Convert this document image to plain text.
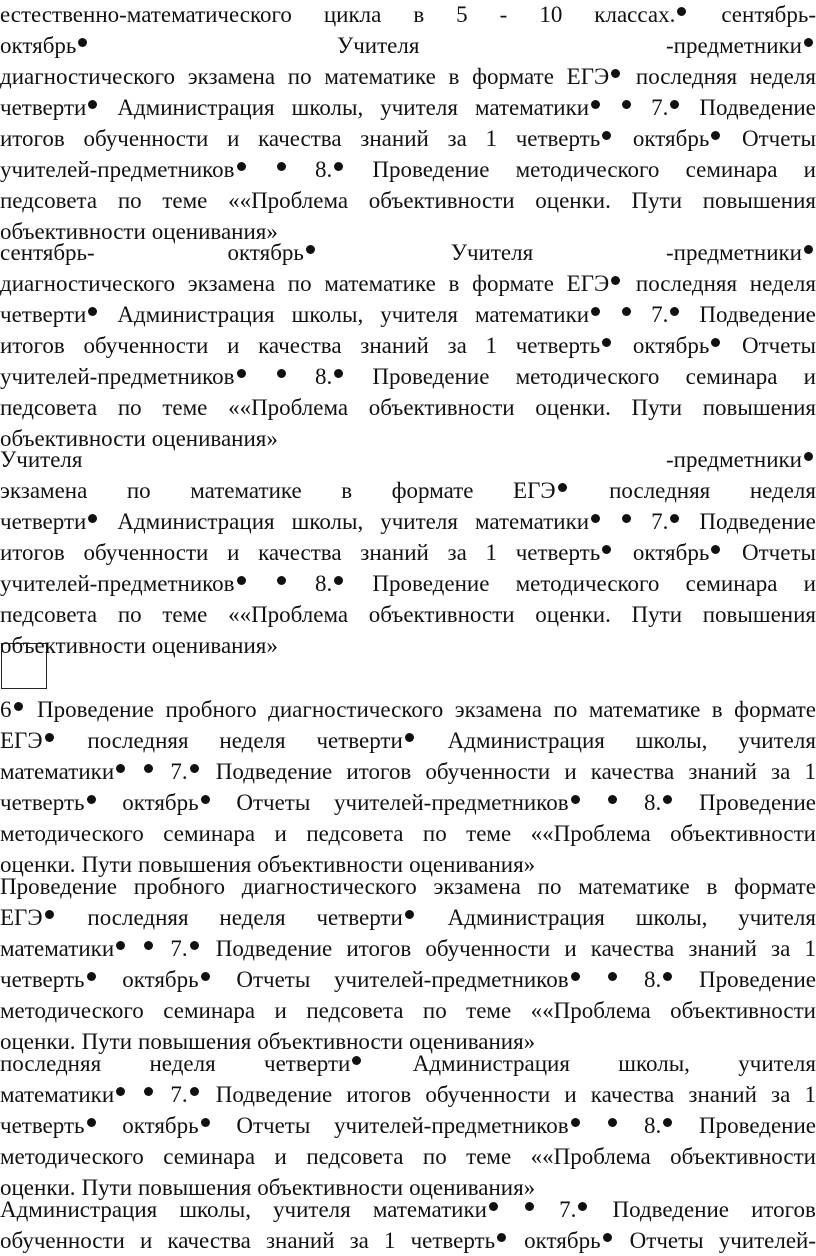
естественно-математического цикла в 5 - 10 классах.	сентябрь-
октябрь	Учителя	-предметники
диагностического экзамена по математике в формате ЕГЭ	последняя неделя
четверти	Администрация школы, учителя математики	7.	Подведение
итогов обученности и качества знаний за 1 четверть	октябрь	Отчеты
учителей-предметников	8.	Проведение методического семинара и
педсовета по теме ««Проблема объективности оценки. Пути повышения
объективности оценивания»
сентябрь-	октябрь	Учителя	-предметники
диагностического экзамена по математике в формате ЕГЭ	последняя неделя
четверти	Администрация школы, учителя математики	7.	Подведение
итогов обученности и качества знаний за 1 четверть	октябрь	Отчеты
учителей-предметников	8.	Проведение методического семинара и
педсовета по теме ««Проблема объективности оценки. Пути повышения
объективности оценивания»
Учителя	-предметники
экзамена по математике в формате ЕГЭ	последняя неделя
четверти	Администрация школы, учителя математики	7.	Подведение
итогов обученности и качества знаний за 1 четверть	октябрь	Отчеты
учителей-предметников	8.	Проведение методического семинара и
педсовета по теме ««Проблема объективности оценки. Пути повышения
объективности оценивания»
6	Проведение пробного диагностического экзамена по математике в формате
ЕГЭ	последняя неделя четверти	Администрация школы, учителя
математики	7.	Подведение итогов обученности и качества знаний за 1
четверть	октябрь	Отчеты учителей-предметников	8.	Проведение
методического семинара и педсовета по теме ««Проблема объективности
оценки. Пути повышения объективности оценивания»
Проведение пробного диагностического экзамена по математике в формате
ЕГЭ	последняя неделя четверти	Администрация школы, учителя
математики	7.	Подведение итогов обученности и качества знаний за 1
четверть	октябрь	Отчеты учителей-предметников	8.	Проведение
методического семинара и педсовета по теме ««Проблема объективности
оценки. Пути повышения объективности оценивания»
последняя неделя четверти	Администрация школы, учителя
математики	7.	Подведение итогов обученности и качества знаний за 1
четверть	октябрь	Отчеты учителей-предметников	8.	Проведение
методического семинара и педсовета по теме ««Проблема объективности
оценки. Пути повышения объективности оценивания»
Администрация школы, учителя математики	7.	Подведение итогов
обученности и качества знаний за 1 четверть	октябрь	Отчеты учителей-
